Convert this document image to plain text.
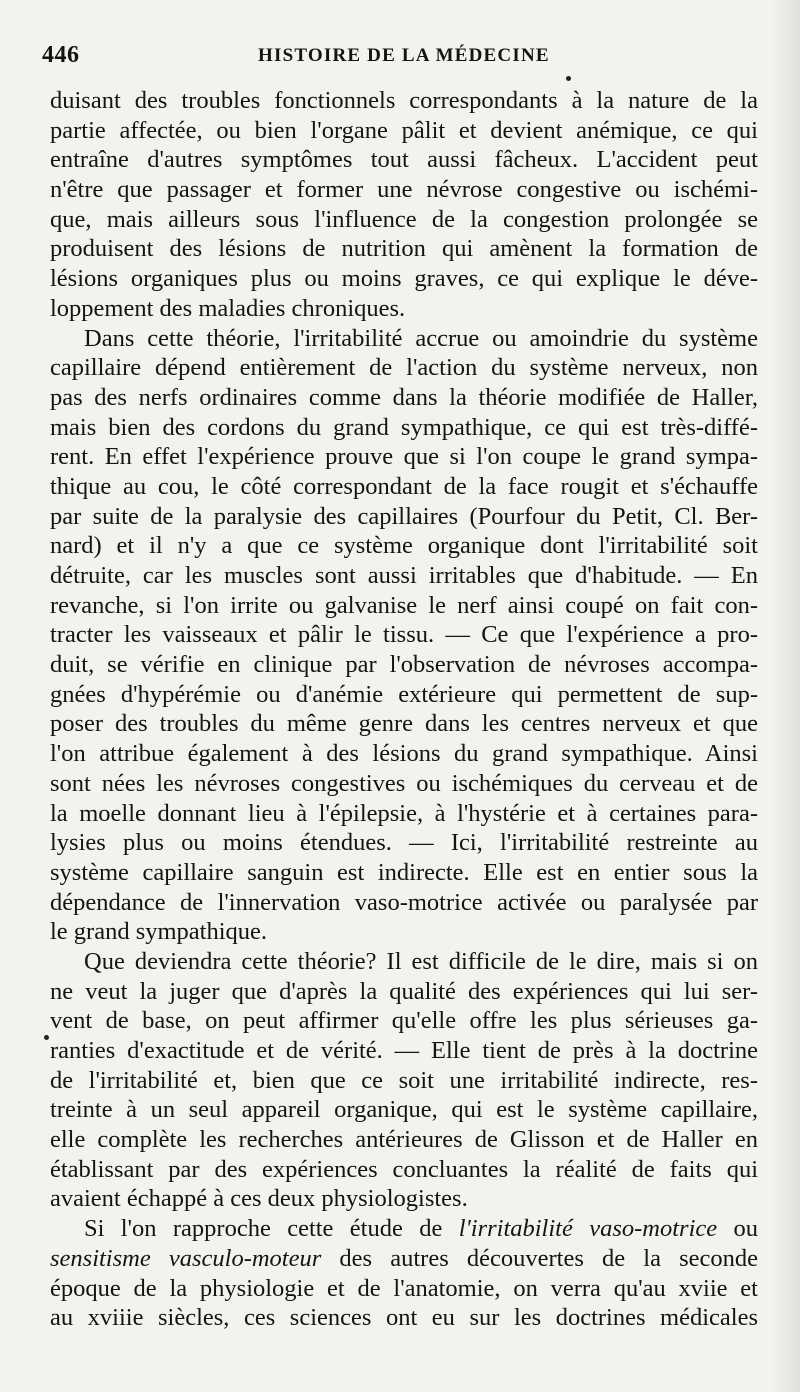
446	HISTOIRE DE LA MÉDECINE
duisant des troubles fonctionnels correspondants à la nature de la
partie affectée, ou bien l'organe pâlit et devient anémique, ce qui
entraîne d'autres symptômes tout aussi fâcheux. L'accident peut
n'être que passager et former une névrose congestive ou ischémi-
que, mais ailleurs sous l'influence de la congestion prolongée se
produisent des lésions de nutrition qui amènent la formation de
lésions organiques plus ou moins graves, ce qui explique le déve-
loppement des maladies chroniques.
Dans cette théorie, l'irritabilité accrue ou amoindrie du système
capillaire dépend entièrement de l'action du système nerveux, non
pas des nerfs ordinaires comme dans la théorie modifiée de Haller,
mais bien des cordons du grand sympathique, ce qui est très-diffé-
rent. En effet l'expérience prouve que si l'on coupe le grand sympa-
thique au cou, le côté correspondant de la face rougit et s'échauffe
par suite de la paralysie des capillaires (Pourfour du Petit, Cl. Ber-
nard) et il n'y a que ce système organique dont l'irritabilité soit
détruite, car les muscles sont aussi irritables que d'habitude. — En
revanche, si l'on irrite ou galvanise le nerf ainsi coupé on fait con-
tracter les vaisseaux et pâlir le tissu. — Ce que l'expérience a pro-
duit, se vérifie en clinique par l'observation de névroses accompa-
gnées d'hypérémie ou d'anémie extérieure qui permettent de sup-
poser des troubles du même genre dans les centres nerveux et que
l'on attribue également à des lésions du grand sympathique. Ainsi
sont nées les névroses congestives ou ischémiques du cerveau et de
la moelle donnant lieu à l'épilepsie, à l'hystérie et à certaines para-
lysies plus ou moins étendues. — Ici, l'irritabilité restreinte au
système capillaire sanguin est indirecte. Elle est en entier sous la
dépendance de l'innervation vaso-motrice activée ou paralysée par
le grand sympathique.
Que deviendra cette théorie? Il est difficile de le dire, mais si on
ne veut la juger que d'après la qualité des expériences qui lui ser-
vent de base, on peut affirmer qu'elle offre les plus sérieuses ga-
ranties d'exactitude et de vérité. — Elle tient de près à la doctrine
de l'irritabilité et, bien que ce soit une irritabilité indirecte, res-
treinte à un seul appareil organique, qui est le système capillaire,
elle complète les recherches antérieures de Glisson et de Haller en
établissant par des expériences concluantes la réalité de faits qui
avaient échappé à ces deux physiologistes.
Si l'on rapproche cette étude de l'irritabilité vaso-motrice ou
sensitisme vasculo-moteur des autres découvertes de la seconde
époque de la physiologie et de l'anatomie, on verra qu'au xviie et
au xviiie siècles, ces sciences ont eu sur les doctrines médicales
